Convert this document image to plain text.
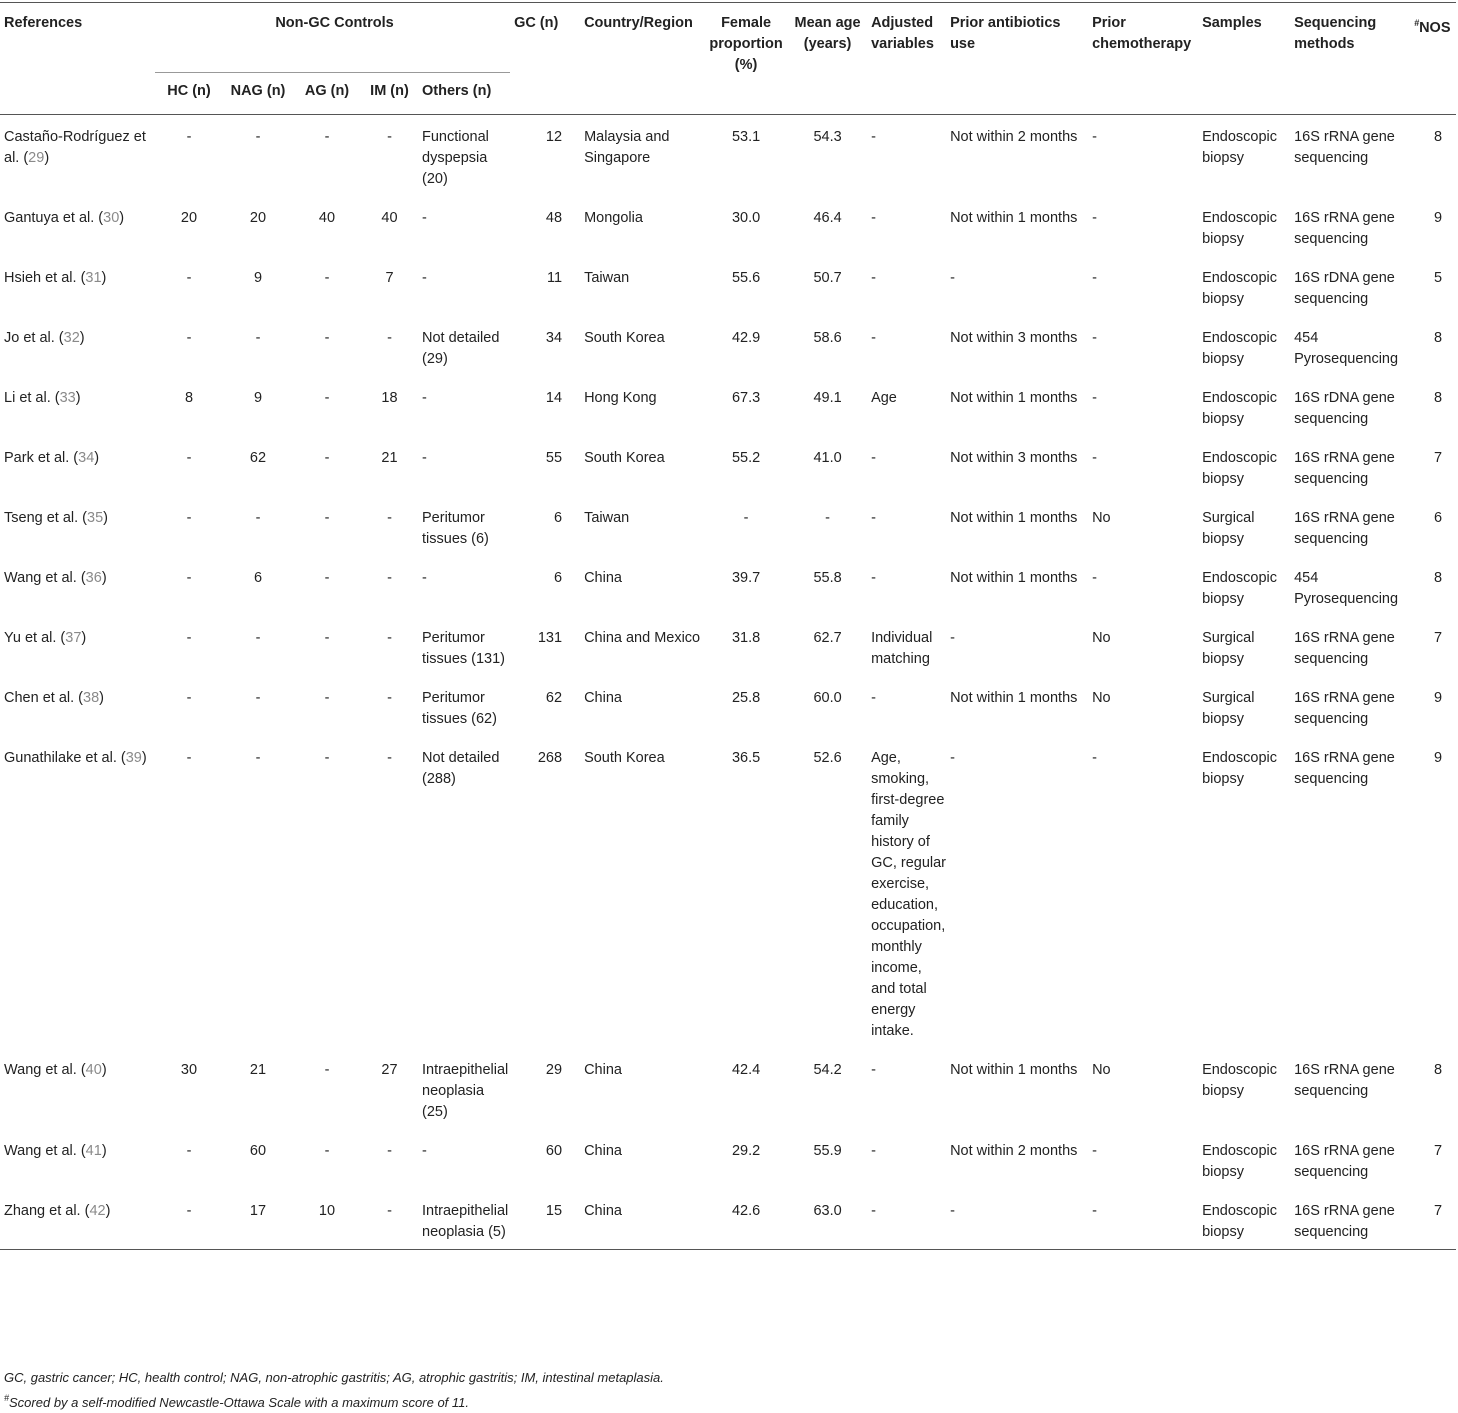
References	Non-GC Controls					GC (n)	Country/Region	Female proportion (%)	Mean age (years)	Adjusted variables	Prior antibiotics use	Prior chemotherapy	Samples	Sequencing methods	#NOS
	HC (n)	NAG (n)	AG (n)	IM (n)	Others (n)										
Castaño-Rodríguez et al. (29)	-	-	-	-	Functional dyspepsia (20)	12	Malaysia and Singapore	53.1	54.3	-	Not within 2 months	-	Endoscopic biopsy	16S rRNA gene sequencing	8
Gantuya et al. (30)	20	20	40	40	-	48	Mongolia	30.0	46.4	-	Not within 1 months	-	Endoscopic biopsy	16S rRNA gene sequencing	9
Hsieh et al. (31)	-	9	-	7	-	11	Taiwan	55.6	50.7	-	-	-	Endoscopic biopsy	16S rDNA gene sequencing	5
Jo et al. (32)	-	-	-	-	Not detailed (29)	34	South Korea	42.9	58.6	-	Not within 3 months	-	Endoscopic biopsy	454 Pyrosequencing	8
Li et al. (33)	8	9	-	18	-	14	Hong Kong	67.3	49.1	Age	Not within 1 months	-	Endoscopic biopsy	16S rDNA gene sequencing	8
Park et al. (34)	-	62	-	21	-	55	South Korea	55.2	41.0	-	Not within 3 months	-	Endoscopic biopsy	16S rRNA gene sequencing	7
Tseng et al. (35)	-	-	-	-	Peritumor tissues (6)	6	Taiwan	-	-	-	Not within 1 months	No	Surgical biopsy	16S rRNA gene sequencing	6
Wang et al. (36)	-	6	-	-	-	6	China	39.7	55.8	-	Not within 1 months	-	Endoscopic biopsy	454 Pyrosequencing	8
Yu et al. (37)	-	-	-	-	Peritumor tissues (131)	131	China and Mexico	31.8	62.7	Individual matching	-	No	Surgical biopsy	16S rRNA gene sequencing	7
Chen et al. (38)	-	-	-	-	Peritumor tissues (62)	62	China	25.8	60.0	-	Not within 1 months	No	Surgical biopsy	16S rRNA gene sequencing	9
Gunathilake et al. (39)	-	-	-	-	Not detailed (288)	268	South Korea	36.5	52.6	Age, smoking, first-degree family history of GC, regular exercise, education, occupation, monthly income, and total energy intake.	-	-	Endoscopic biopsy	16S rRNA gene sequencing	9
Wang et al. (40)	30	21	-	27	Intraepithelial neoplasia (25)	29	China	42.4	54.2	-	Not within 1 months	No	Endoscopic biopsy	16S rRNA gene sequencing	8
Wang et al. (41)	-	60	-	-	-	60	China	29.2	55.9	-	Not within 2 months	-	Endoscopic biopsy	16S rRNA gene sequencing	7
Zhang et al. (42)	-	17	10	-	Intraepithelial neoplasia (5)	15	China	42.6	63.0	-	-	-	Endoscopic biopsy	16S rRNA gene sequencing	7
GC, gastric cancer; HC, health control; NAG, non-atrophic gastritis; AG, atrophic gastritis; IM, intestinal metaplasia.
#Scored by a self-modified Newcastle-Ottawa Scale with a maximum score of 11.
